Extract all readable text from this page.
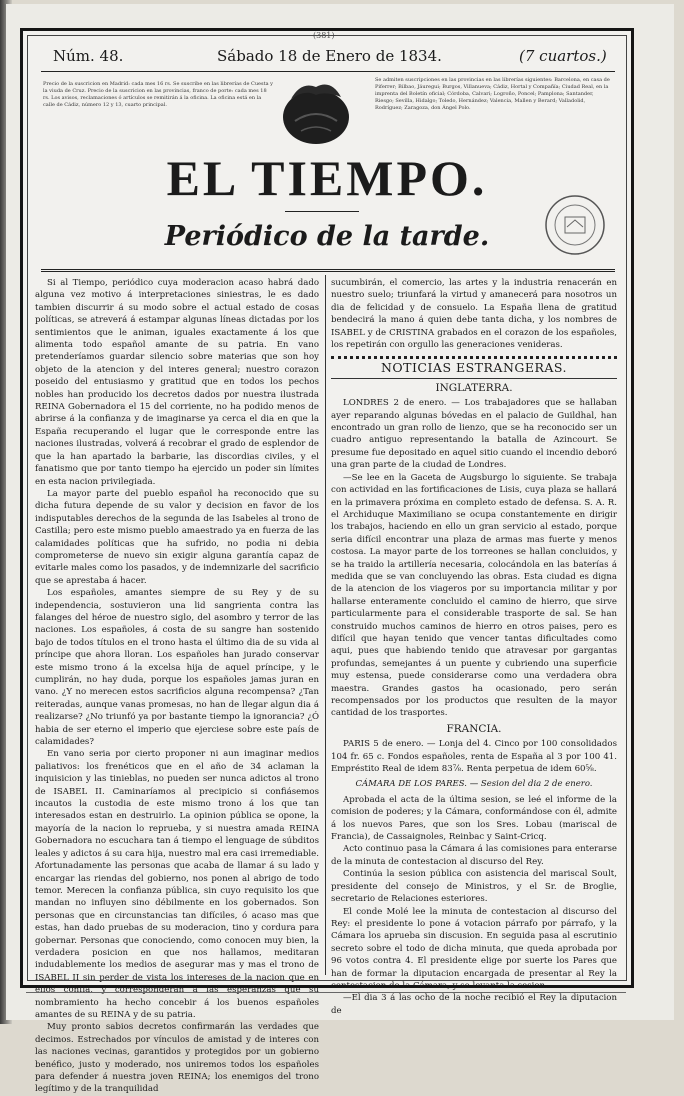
(381)
Núm. 48.	Sábado 18 de Enero de 1834.	(7 cuartos.)
Precio de la suscricion en Madrid: cada mes 16 rs. Se suscribe en las librerías de Cuesta y la viuda de Cruz. Precio de la suscricion en las provincias, franco de porte: cada mes 18 rs. Los avisos, reclamaciones ó artículos se remitirán á la oficina. La oficina está en la calle de Cádiz, número 12 y 13, cuarto principal.
Se admiten suscripciones en las provincias en las librerías siguientes: Barcelona, en casa de Piferrer; Bilbao, Jáuregui; Burgos, Villanueva; Cádiz, Hortal y Compañía; Ciudad Real, en la imprenta del Boletín oficial; Córdoba, Calvari; Logroño, Poncel; Pamplona; Santander, Riesgo; Sevilla, Hidalgo; Toledo, Hernández; Valencia, Mallen y Berard; Valladolid, Rodríguez; Zaragoza, don Ángel Polo.
EL TIEMPO.
Periódico de la tarde.

Si al Tiempo, periódico cuya moderacion acaso habrá dado alguna vez motivo á interpretaciones siniestras, le es dado tambien discurrir á su modo sobre el actual estado de cosas políticas, se atreverá á estampar algunas líneas dictadas por los sentimientos que le animan, iguales exactamente á los que alimenta todo español amante de su patria. En vano pretenderíamos guardar silencio sobre materias que son hoy objeto de la atencion y del interes general; nuestro corazon poseido del entusiasmo y gratitud que en todos los pechos nobles han producido los decretos dados por nuestra ilustrada REINA Gobernadora el 15 del corriente, no ha podido menos de abrirse á la confianza y de imaginarse ya cerca el dia en que la España recuperando el lugar que le corresponde entre las naciones ilustradas, volverá á recobrar el grado de esplendor de que la han apartado la barbarie, las discordias civiles, y el fanatismo que por tanto tiempo ha ejercido un poder sin límites en esta nacion privilegiada.

La mayor parte del pueblo español ha reconocido que su dicha futura depende de su valor y decision en favor de los indisputables derechos de la segunda de las Isabeles al trono de Castilla; pero este mismo pueblo amaestrado ya en fuerza de las calamidades políticas que ha sufrido, no podia ni debia comprometerse de nuevo sin exigir alguna garantía capaz de evitarle males como los pasados, y de indemnizarle del sacrificio que se aprestaba á hacer.

Los españoles, amantes siempre de su Rey y de su independencia, sostuvieron una lid sangrienta contra las falanges del héroe de nuestro siglo, del asombro y terror de las naciones. Los españoles, á costa de su sangre han sostenido bajo de todos títulos en el trono hasta el último dia de su vida al príncipe que ahora lloran. Los españoles han jurado conservar este mismo trono á la excelsa hija de aquel príncipe, y le cumplirán, no hay duda, porque los españoles jamas juran en vano. ¿Y no merecen estos sacrificios alguna recompensa? ¿Tan reiteradas, aunque vanas promesas, no han de llegar algun dia á realizarse? ¿No triunfó ya por bastante tiempo la ignorancia? ¿Ó habia de ser eterno el imperio que ejerciese sobre este país de calamidades?

En vano seria por cierto proponer ni aun imaginar medios paliativos: los frenéticos que en el año de 34 aclaman la inquisicion y las tinieblas, no pueden ser nunca adictos al trono de ISABEL II. Caminaríamos al precipicio si confiásemos incautos la custodia de este mismo trono á los que tan interesados estan en destruirlo. La opinion pública se opone, la mayoría de la nacion lo reprueba, y si nuestra amada REINA Gobernadora no escuchara tan á tiempo el lenguage de súbditos leales y adictos á su cara hija, nuestro mal era casi irremediable. Afortunadamente las personas que acaba de llamar á su lado y encargar las riendas del gobierno, nos ponen al abrigo de todo temor. Merecen la confianza pública, sin cuyo requisito los que mandan no influyen sino débilmente en los gobernados. Son personas que en circunstancias tan difíciles, ó acaso mas que estas, han dado pruebas de su moderacion, tino y cordura para gobernar. Personas que conociendo, como conocen muy bien, la verdadera posicion en que nos hallamos, meditaran indudablemente los medios de asegurar mas y mas el trono de ISABEL II sin perder de vista los intereses de la nacion que en ellos confía, y corresponderán á las esperanzas que su nombramiento ha hecho concebir á los buenos españoles amantes de su REINA y de su patria.

Muy pronto sabios decretos confirmarán las verdades que decimos. Estrechados por vínculos de amistad y de interes con las naciones vecinas, garantidos y protegidos por un gobierno benéfico, justo y moderado, nos uniremos todos los españoles para defender á nuestra joven REINA; los enemigos del trono legítimo y de la tranquilidad

sucumbirán, el comercio, las artes y la industria renacerán en nuestro suelo; triunfará la virtud y amanecerá para nosotros un dia de felicidad y de consuelo. La España llena de gratitud bendecirá la mano á quien debe tanta dicha, y los nombres de ISABEL y de CRISTINA grabados en el corazon de los españoles, los repetirán con orgullo las generaciones venideras.

NOTICIAS ESTRANGERAS.
INGLATERRA.

LONDRES 2 de enero. — Los trabajadores que se hallaban ayer reparando algunas bóvedas en el palacio de Guildhal, han encontrado un gran rollo de lienzo, que se ha reconocido ser un cuadro antiguo representando la batalla de Azincourt. Se presume fue depositado en aquel sitio cuando el incendio deboró una gran parte de la ciudad de Londres.

—Se lee en la Gaceta de Augsburgo lo siguiente. Se trabaja con actividad en las fortificaciones de Lisis, cuya plaza se hallará en la primavera próxima en completo estado de defensa. S. A. R. el Archiduque Maximiliano se ocupa constantemente en dirigir los trabajos, haciendo en ello un gran servicio al estado, porque seria difícil encontrar una plaza de armas mas fuerte y menos costosa. La mayor parte de los torreones se hallan concluidos, y se ha traido la artillería necesaria, colocándola en las baterías á medida que se van concluyendo las obras. Esta ciudad es digna de la atencion de los viageros por su importancia militar y por hallarse enteramente concluido el camino de hierro, que sirve particularmente para el considerable trasporte de sal. Se han construido muchos caminos de hierro en otros paises, pero es difícil que hayan tenido que vencer tantas dificultades como aqui, pues que habiendo tenido que atravesar por gargantas profundas, semejantes á un puente y cubriendo una superficie muy estensa, puede considerarse como una verdadera obra maestra. Grandes gastos ha ocasionado, pero serán recompensados por los productos que resulten de la mayor cantidad de los trasportes.

FRANCIA.

PARIS 5 de enero. — Lonja del 4. Cinco por 100 consolidados 104 fr. 65 c. Fondos españoles, renta de España al 3 por 100 41. Empréstito Real de idem 83⅞. Renta perpetua de idem 60⅝.

CÁMARA DE LOS PARES. — Sesion del dia 2 de enero.

Aprobada el acta de la última sesion, se leé el informe de la comision de poderes; y la Cámara, conformándose con él, admite á los nuevos Pares, que son los Sres. Lobau (mariscal de Francia), de Cassaignoles, Reinbac y Saint-Cricq.

Acto continuo pasa la Cámara á las comisiones para enterarse de la minuta de contestacion al discurso del Rey.

Continúa la sesion pública con asistencia del mariscal Soult, presidente del consejo de Ministros, y el Sr. de Broglie, secretario de Relaciones esteriores.

El conde Molé lee la minuta de contestacion al discurso del Rey: el presidente lo pone á votacion párrafo por párrafo, y la Cámara los aprueba sin discusion. En seguida pasa al escrutinio secreto sobre el todo de dicha minuta, que queda aprobada por 96 votos contra 4. El presidente elige por suerte los Pares que han de formar la diputacion encargada de presentar al Rey la contestacion de la Cámara, y se levanta la sesion.

—El dia 3 á las ocho de la noche recibió el Rey la diputacion de
